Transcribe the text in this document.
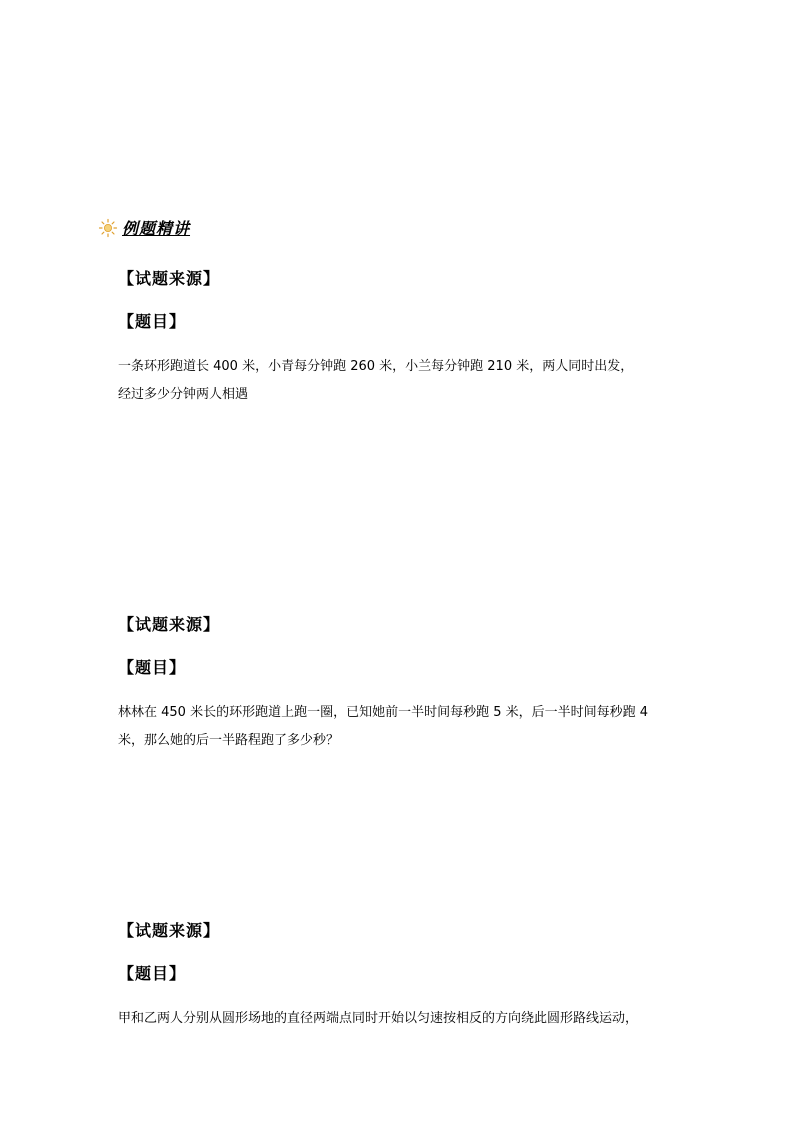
例题精讲
【试题来源】
【题目】
一条环形跑道长 400 米，小青每分钟跑 260 米，小兰每分钟跑 210 米，两人同时出发，
经过多少分钟两人相遇
【试题来源】
【题目】
林林在 450 米长的环形跑道上跑一圈，已知她前一半时间每秒跑 5 米，后一半时间每秒跑 4
米，那么她的后一半路程跑了多少秒？
【试题来源】
【题目】
甲和乙两人分别从圆形场地的直径两端点同时开始以匀速按相反的方向绕此圆形路线运动，
